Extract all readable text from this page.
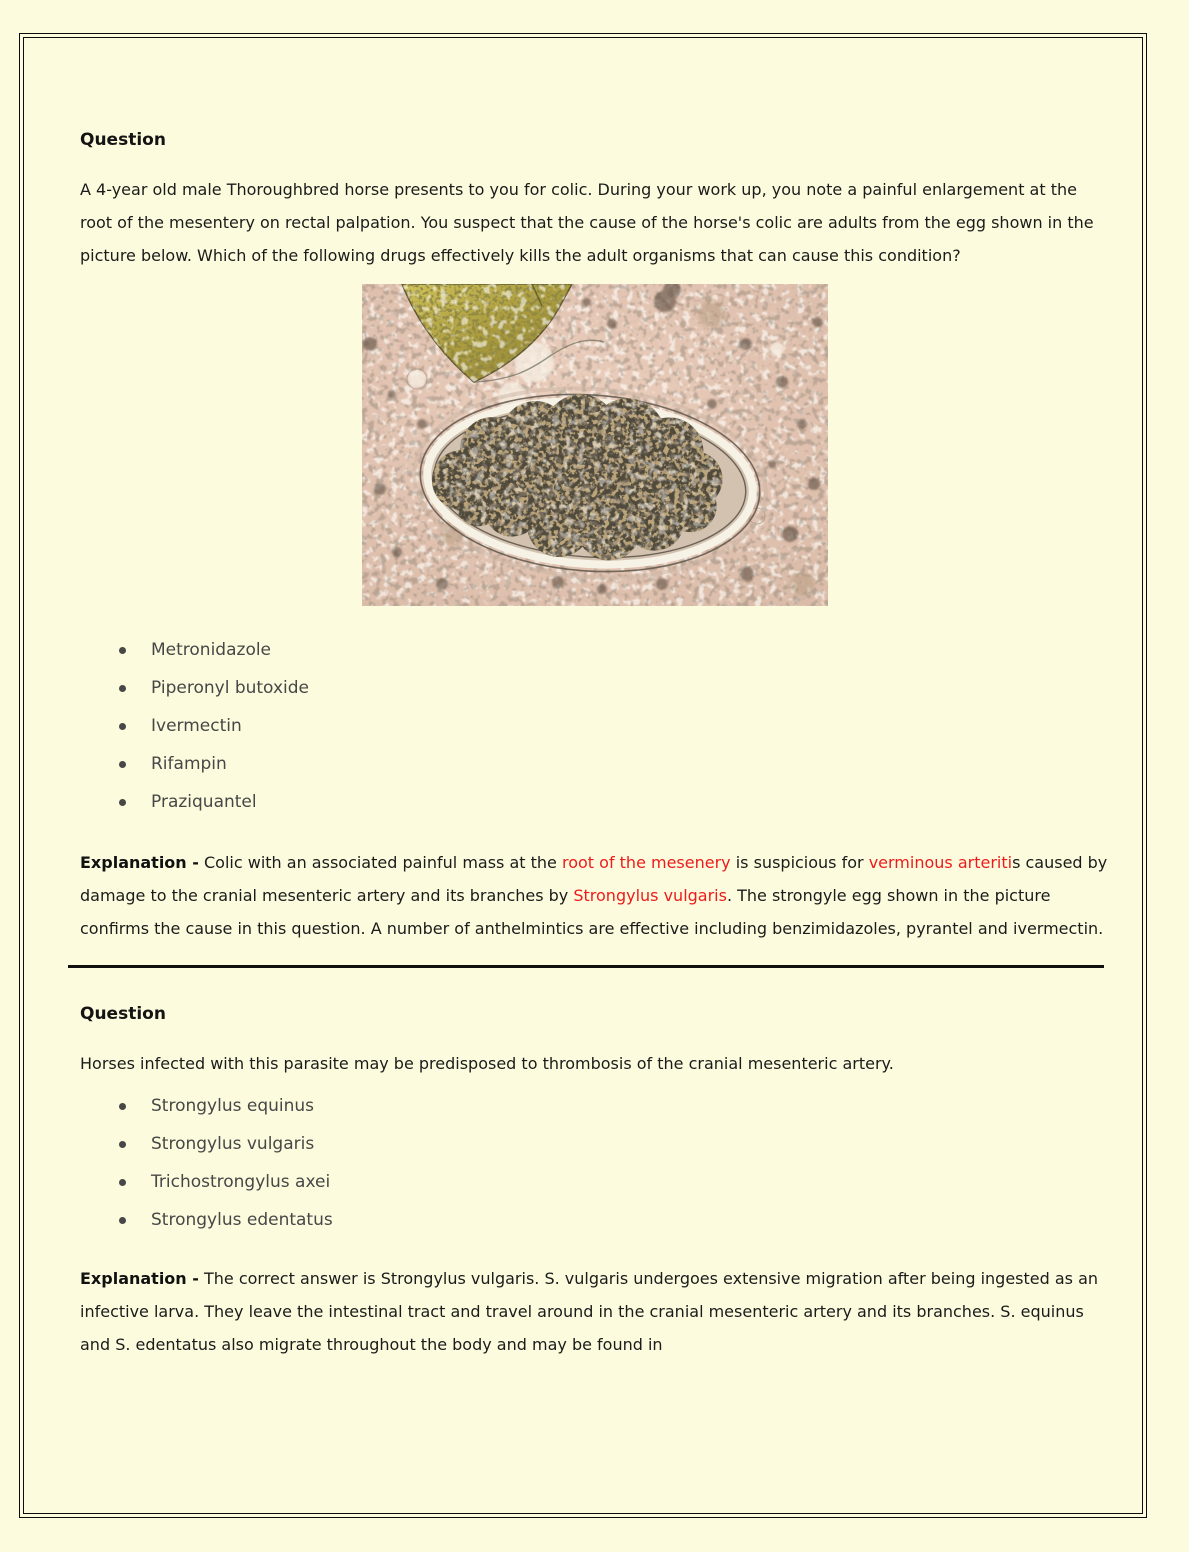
Question

A 4-year old male Thoroughbred horse presents to you for colic. During your work up, you note a painful enlargement at the root of the mesentery on rectal palpation. You suspect that the cause of the horse's colic are adults from the egg shown in the picture below. Which of the following drugs effectively kills the adult organisms that can cause this condition?

Metronidazole
Piperonyl butoxide
Ivermectin
Rifampin
Praziquantel

Explanation - Colic with an associated painful mass at the root of the mesenery is suspicious for verminous arteritis caused by damage to the cranial mesenteric artery and its branches by Strongylus vulgaris. The strongyle egg shown in the picture confirms the cause in this question. A number of anthelmintics are effective including benzimidazoles, pyrantel and ivermectin.

Question

Horses infected with this parasite may be predisposed to thrombosis of the cranial mesenteric artery.

Strongylus equinus
Strongylus vulgaris
Trichostrongylus axei
Strongylus edentatus

Explanation - The correct answer is Strongylus vulgaris. S. vulgaris undergoes extensive migration after being ingested as an infective larva. They leave the intestinal tract and travel around in the cranial mesenteric artery and its branches. S. equinus and S. edentatus also migrate throughout the body and may be found in
